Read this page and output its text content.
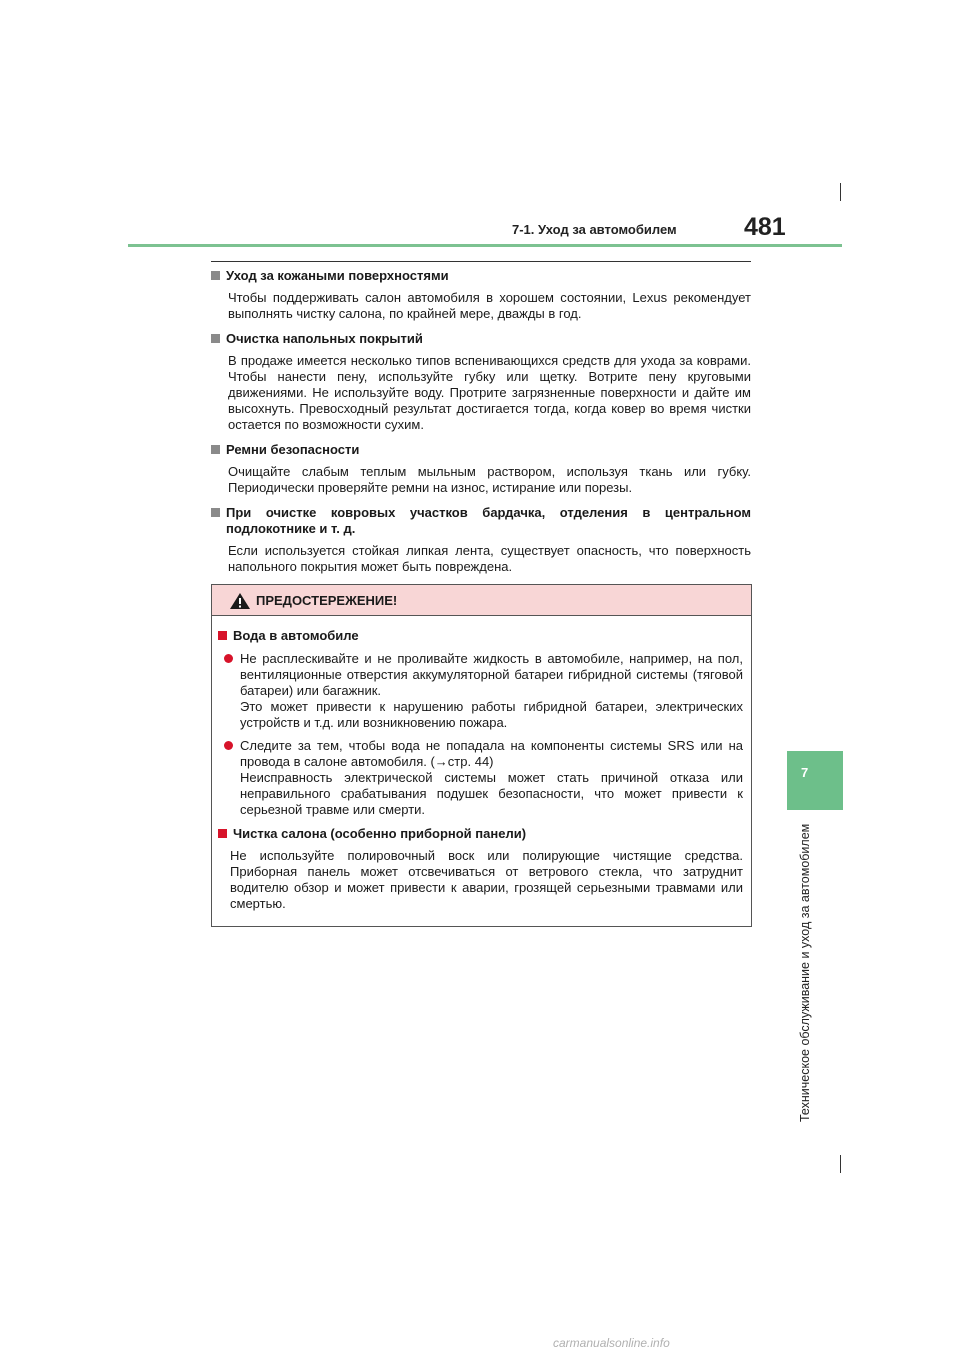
7-1. Уход за автомобилем	481
7
Техническое обслуживание и уход за автомобилем
Уход за кожаными поверхностями
Чтобы поддерживать салон автомобиля в хорошем состоянии, Lexus рекомендует выполнять чистку салона, по крайней мере, дважды в год.
Очистка напольных покрытий
В продаже имеется несколько типов вспенивающихся средств для ухода за коврами. Чтобы нанести пену, используйте губку или щетку. Вотрите пену круговыми движениями. Не используйте воду. Протрите загрязненные поверхности и дайте им высохнуть. Превосходный результат достигается тогда, когда ковер во время чистки остается по возможности сухим.
Ремни безопасности
Очищайте слабым теплым мыльным раствором, используя ткань или губку. Периодически проверяйте ремни на износ, истирание или порезы.
При очистке ковровых участков бардачка, отделения в центральном подлокотнике и т. д.
Если используется стойкая липкая лента, существует опасность, что поверхность напольного покрытия может быть повреждена.
ПРЕДОСТЕРЕЖЕНИЕ!
Вода в автомобиле
Не расплескивайте и не проливайте жидкость в автомобиле, например, на пол, вентиляционные отверстия аккумуляторной батареи гибридной системы (тяговой батареи) или багажник.
Это может привести к нарушению работы гибридной батареи, электрических устройств и т.д. или возникновению пожара.
Следите за тем, чтобы вода не попадала на компоненты системы SRS или на провода в салоне автомобиля. (→стр. 44)
Неисправность электрической системы может стать причиной отказа или неправильного срабатывания подушек безопасности, что может привести к серьезной травме или смерти.
Чистка салона (особенно приборной панели)
Не используйте полировочный воск или полирующие чистящие средства. Приборная панель может отсвечиваться от ветрового стекла, что затруднит водителю обзор и может привести к аварии, грозящей серьезными травмами или смертью.
carmanualsonline.info
